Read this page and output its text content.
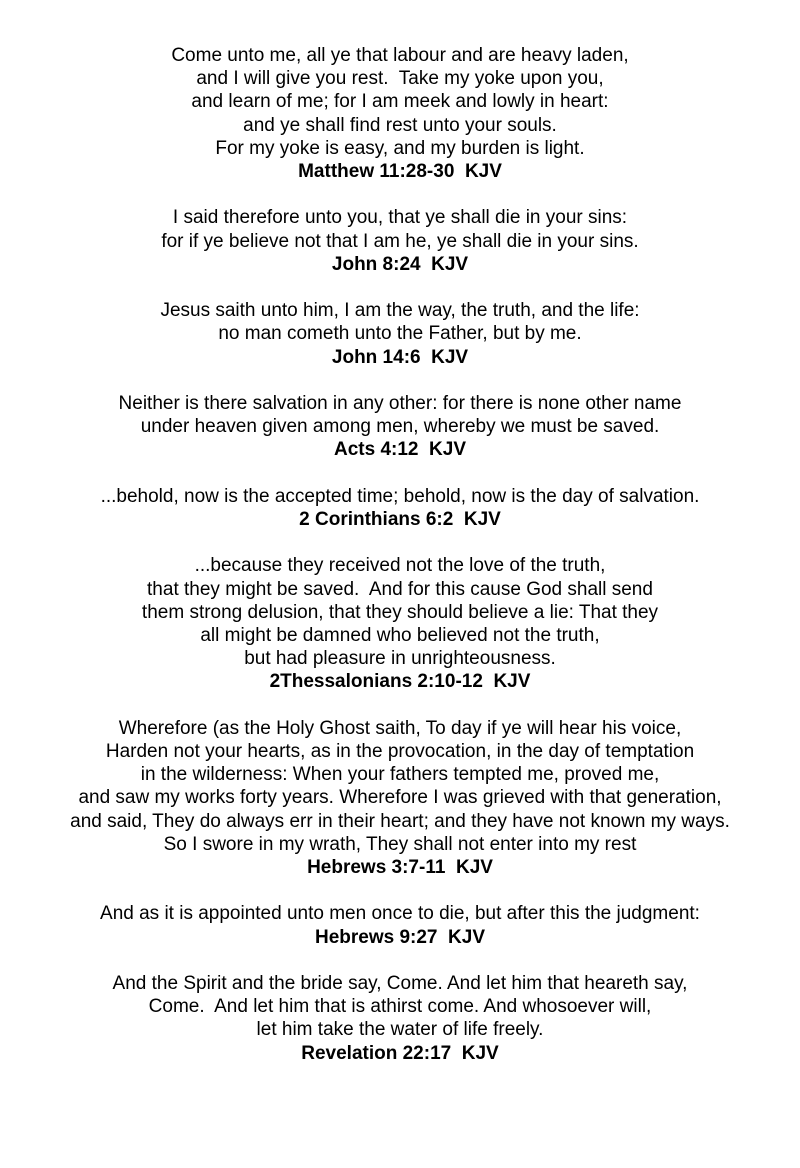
Come unto me, all ye that labour and are heavy laden,
and I will give you rest.  Take my yoke upon you,
and learn of me; for I am meek and lowly in heart:
and ye shall find rest unto your souls.
For my yoke is easy, and my burden is light.
Matthew 11:28-30  KJV
I said therefore unto you, that ye shall die in your sins:
for if ye believe not that I am he, ye shall die in your sins.
John 8:24  KJV
Jesus saith unto him, I am the way, the truth, and the life:
no man cometh unto the Father, but by me.
John 14:6  KJV
Neither is there salvation in any other: for there is none other name
under heaven given among men, whereby we must be saved.
Acts 4:12  KJV
...behold, now is the accepted time; behold, now is the day of salvation.
2 Corinthians 6:2  KJV
...because they received not the love of the truth,
that they might be saved.  And for this cause God shall send
them strong delusion, that they should believe a lie: That they
all might be damned who believed not the truth,
but had pleasure in unrighteousness.
2Thessalonians 2:10-12  KJV
Wherefore (as the Holy Ghost saith, To day if ye will hear his voice,
Harden not your hearts, as in the provocation, in the day of temptation
in the wilderness: When your fathers tempted me, proved me,
and saw my works forty years. Wherefore I was grieved with that generation,
and said, They do always err in their heart; and they have not known my ways.
So I swore in my wrath, They shall not enter into my rest
Hebrews 3:7-11  KJV
And as it is appointed unto men once to die, but after this the judgment:
Hebrews 9:27  KJV
And the Spirit and the bride say, Come. And let him that heareth say,
Come.  And let him that is athirst come. And whosoever will,
let him take the water of life freely.
Revelation 22:17  KJV
